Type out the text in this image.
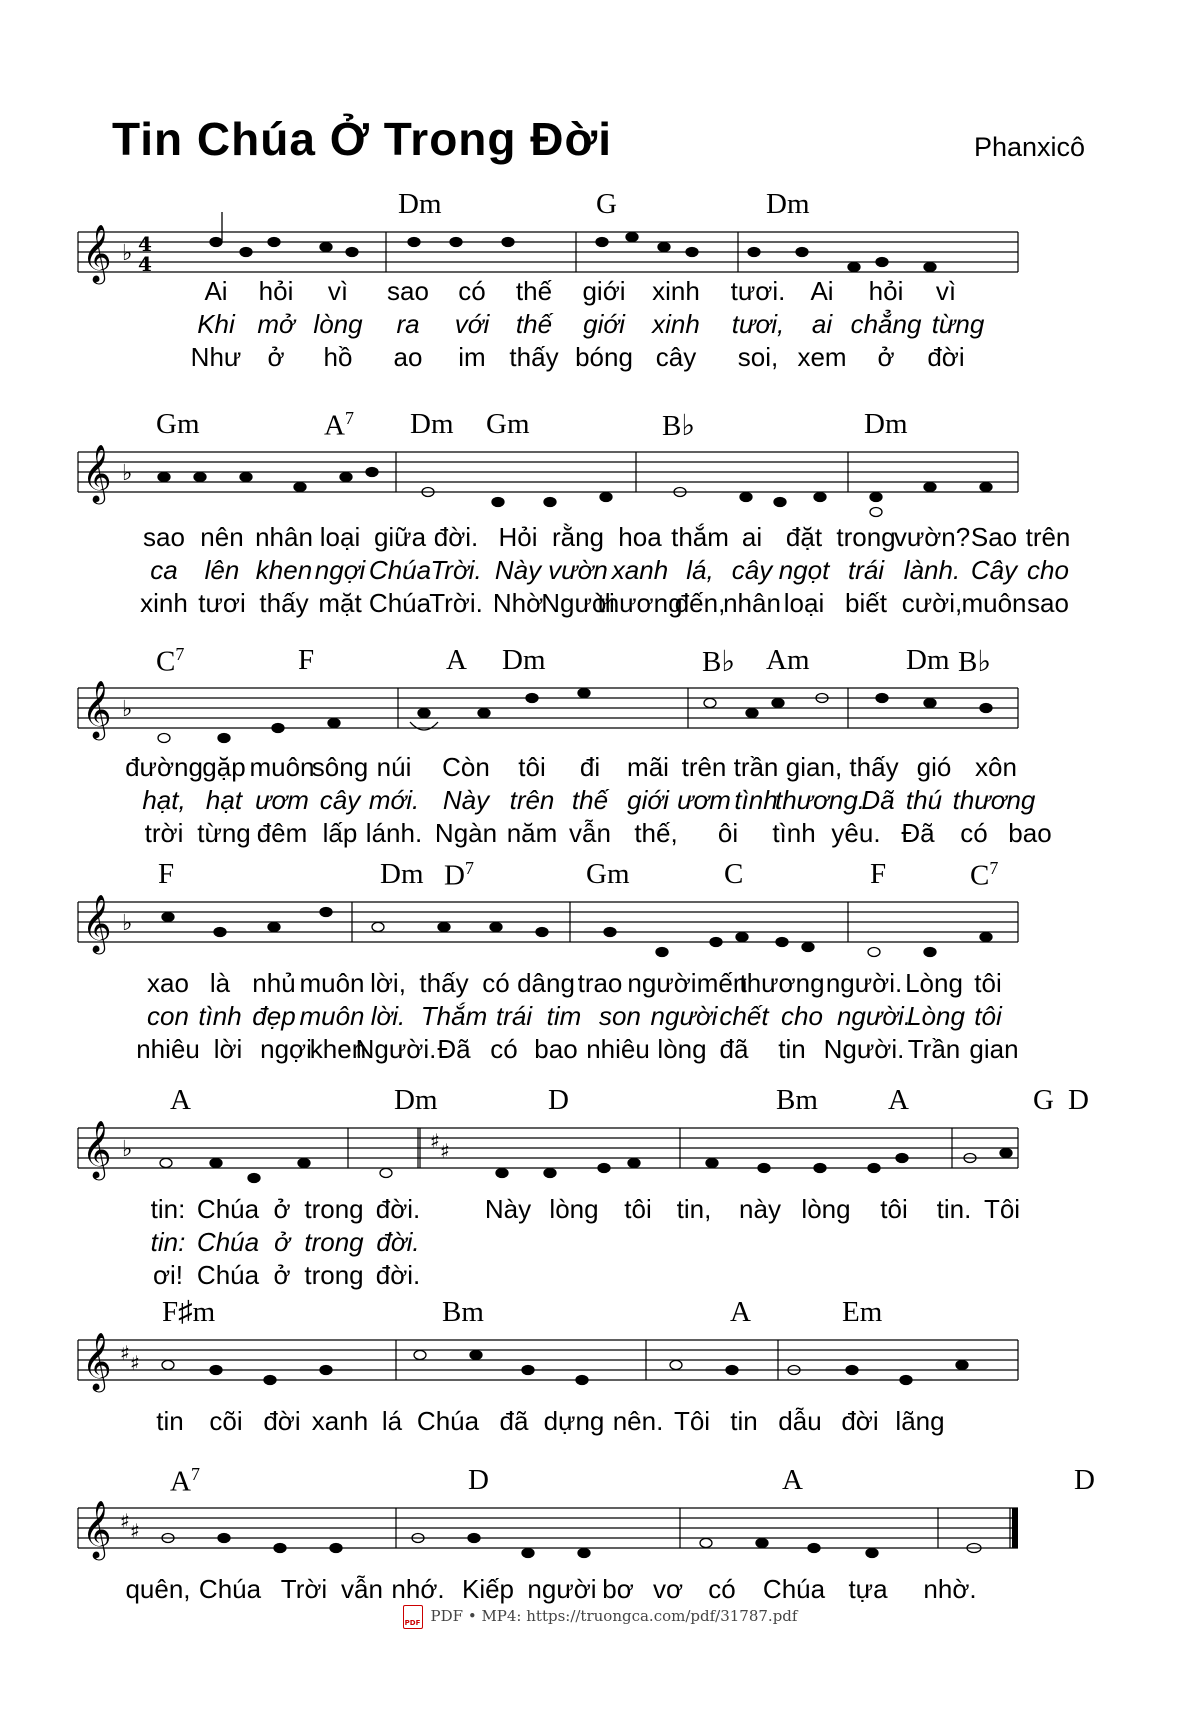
Tin Chúa Ở Trong Đời	Phanxicô
Dm	G	Dm
𝄞 ♭ 4
4
Ai hỏi vì sao có thế giới xinh tươi. Ai hỏi vì
Khi mở lòng ra với thế giới xinh tươi, ai chẳng từng
Như ở hồ ao im thấy bóng cây soi, xem ở đời
Gm	$A^7$ Dm Gm	B♭	Dm
𝄞 ♭
sao nên nhân loại giữa đời. Hỏi rằng hoa thắm ai đặt trong
vườn? Sao trên
ca lên khen ngợi Chúa Trời. Này vườn xanh lá, cây ngọt trái lành. Cây cho
xinh tươi thấy mặt Chúa
Trời. Nhờ
Người
thương
đến,
nhân loại biết cười, muôn sao
$C^7$	F	A Dm	B♭ Am	Dm B♭
𝄞 ♭
đường gặp muôn
sông núi Còn tôi đi mãi trên trần gian, thấy gió xôn
hạt, hạt ươm cây mới. Này trên thế giới ươm tình
thương.
Dã thú thương
trời từng đêm lấp lánh. Ngàn năm vẫn thế, ôi tình yêu. Đã có bao
F	Dm $D^7$	Gm	C	F	$C^7$
𝄞 ♭
xao là nhủ muôn lời, thấy có dâng trao người mến
thương người. Lòng tôi
con tình đẹp muôn lời. Thắm trái tim son người chết cho người.
Lòng tôi
nhiêu lời ngợi
khen
Người. Đã có bao nhiêu lòng đã tin Người. Trần gian
A	Dm	D	Bm A	G D
𝄞 ♭	♯ ♯
tin: Chúa ở trong đời. Này lòng tôi tin, này lòng tôi tin. Tôi
tin: Chúa ở trong đời.
ơi! Chúa ở trong đời.
F♯m	Bm	A	Em
𝄞 ♯ ♯
tin cõi đời xanh lá Chúa đã dựng nên. Tôi tin dẫu đời lãng
$A^7$	D	A	D
𝄞 ♯ ♯
quên, Chúa Trời vẫn nhớ. Kiếp người bơ vơ có Chúa tựa nhờ.
PDF PDF • MP4: https://truongca.com/pdf/31787.pdf
